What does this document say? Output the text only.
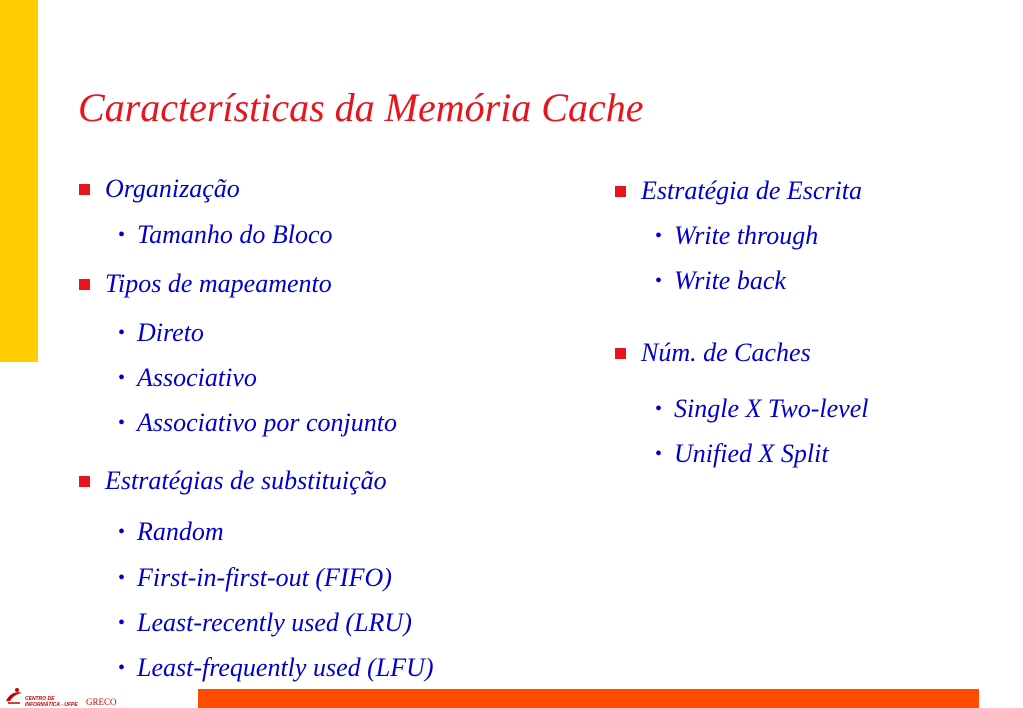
Características da Memória Cache
Organização
• Tamanho do Bloco
Tipos de mapeamento
• Direto
• Associativo
• Associativo por conjunto
Estratégias de substituição
• Random
• First-in-first-out (FIFO)
• Least-recently used (LRU)
• Least-frequently used (LFU)
Estratégia de Escrita
• Write through
• Write back
Núm. de Caches
• Single X Two-level
• Unified X Split
CENTRO DE
INFORMÁTICA - UFPE GRECO
